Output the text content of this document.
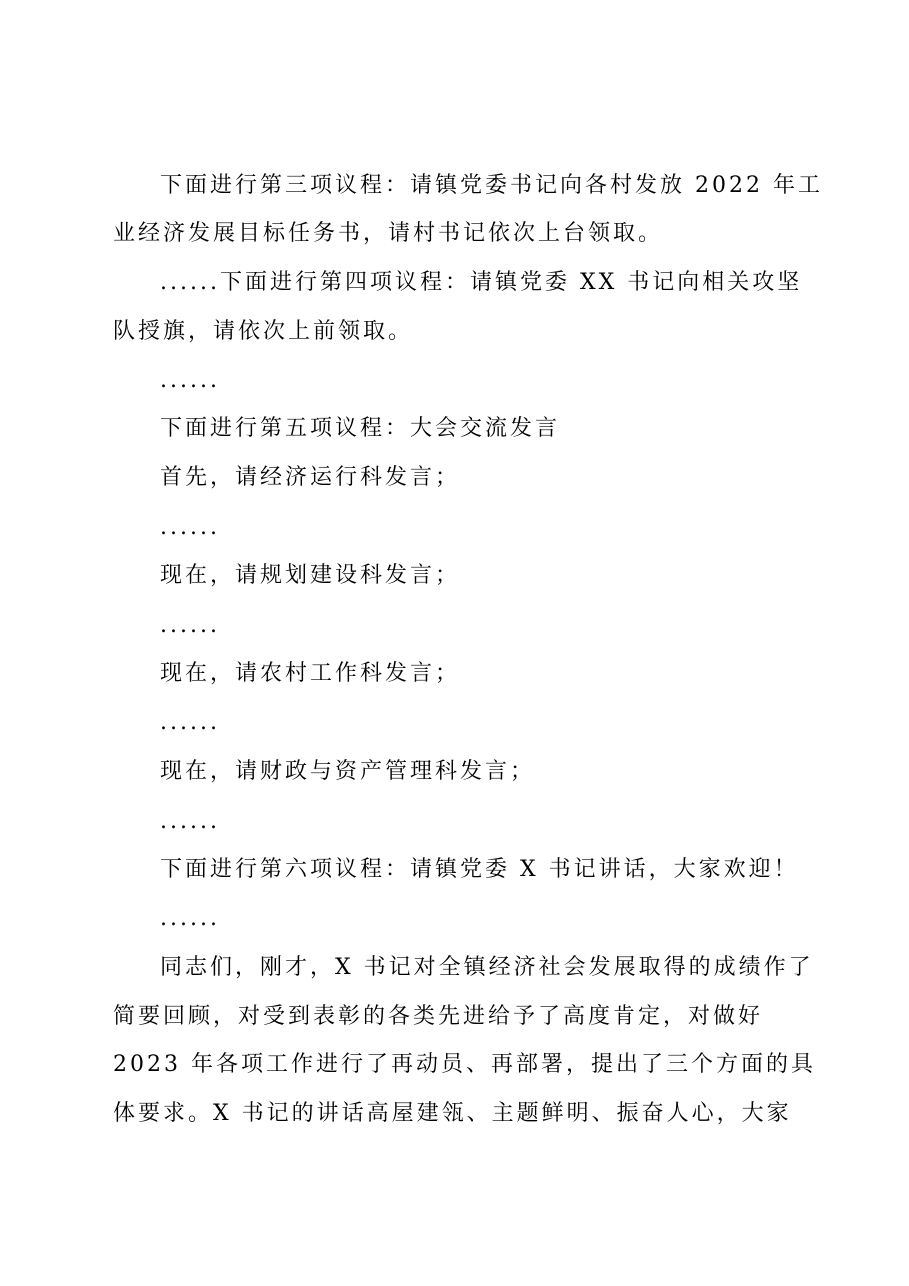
下面进行第三项议程：请镇党委书记向各村发放 2022 年工
业经济发展目标任务书，请村书记依次上台领取。
......下面进行第四项议程：请镇党委 XX 书记向相关攻坚
队授旗，请依次上前领取。
......
下面进行第五项议程：大会交流发言
首先，请经济运行科发言；
......
现在，请规划建设科发言；
......
现在，请农村工作科发言；
......
现在，请财政与资产管理科发言；
......
下面进行第六项议程：请镇党委 X 书记讲话，大家欢迎！
......
同志们，刚才，X 书记对全镇经济社会发展取得的成绩作了
简要回顾，对受到表彰的各类先进给予了高度肯定，对做好
2023 年各项工作进行了再动员、再部署，提出了三个方面的具
体要求。X 书记的讲话高屋建瓴、主题鲜明、振奋人心，大家
